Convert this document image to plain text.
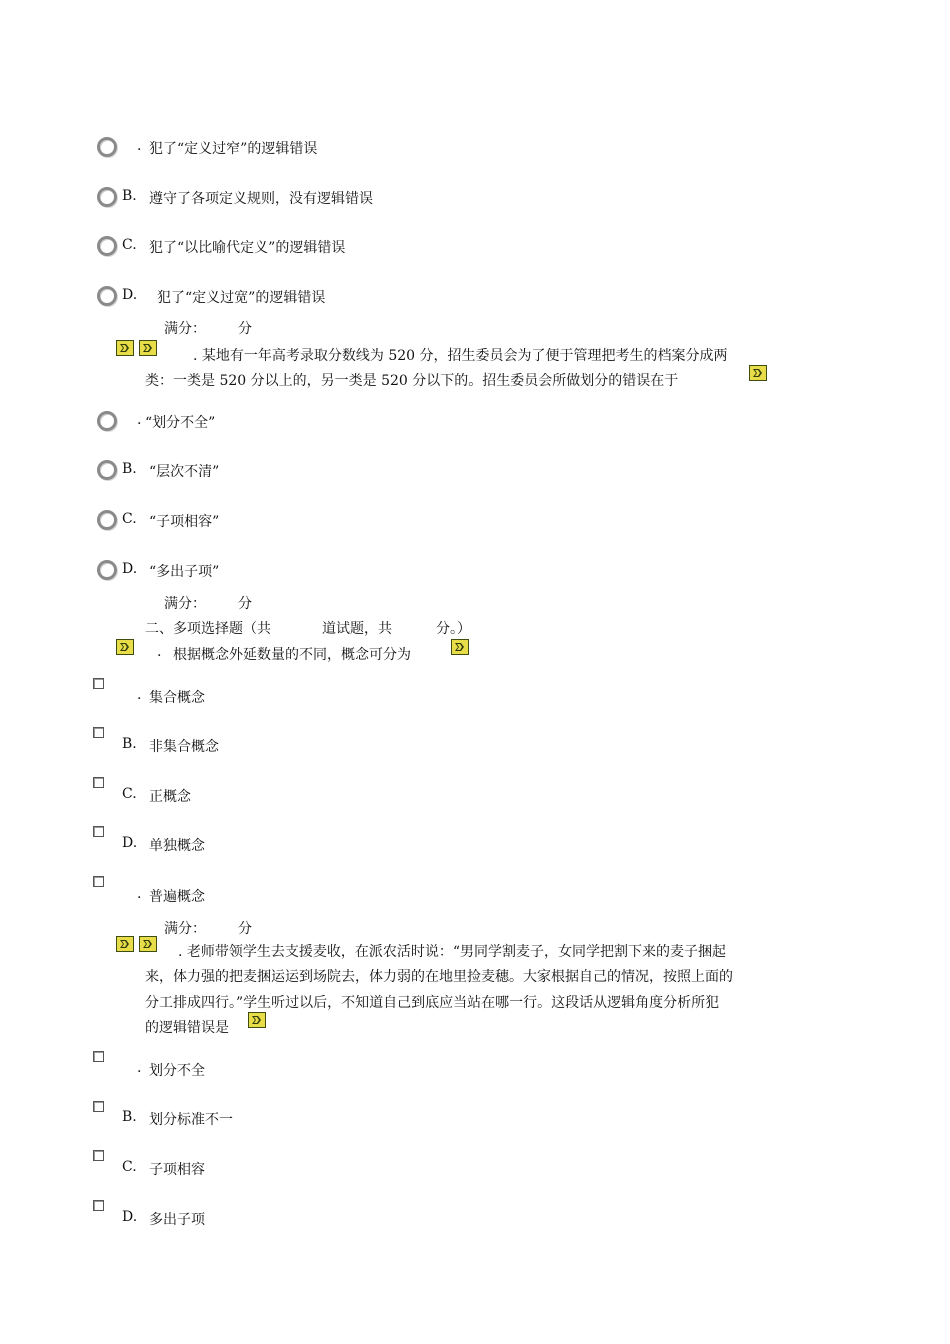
. 犯了“定义过窄”的逻辑错误
B. 遵守了各项定义规则，没有逻辑错误
C. 犯了“以比喻代定义”的逻辑错误
D. 犯了“定义过宽”的逻辑错误
满分： 分
. 某地有一年高考录取分数线为 520 分，招生委员会为了便于管理把考生的档案分成两
类：一类是 520 分以上的，另一类是 520 分以下的。招生委员会所做划分的错误在于
. “划分不全”
B. “层次不清”
C. “子项相容”
D. “多出子项”
满分： 分
二、多项选择题（共	道试题，共	分。）
. 根据概念外延数量的不同，概念可分为
. 集合概念
B. 非集合概念
C. 正概念
D. 单独概念
. 普遍概念
满分： 分
. 老师带领学生去支援麦收，在派农活时说：“男同学割麦子，女同学把割下来的麦子捆起
来，体力强的把麦捆运运到场院去，体力弱的在地里捡麦穗。大家根据自己的情况，按照上面的
分工排成四行。”学生听过以后，不知道自己到底应当站在哪一行。这段话从逻辑角度分析所犯
的逻辑错误是
. 划分不全
B. 划分标准不一
C. 子项相容
D. 多出子项
